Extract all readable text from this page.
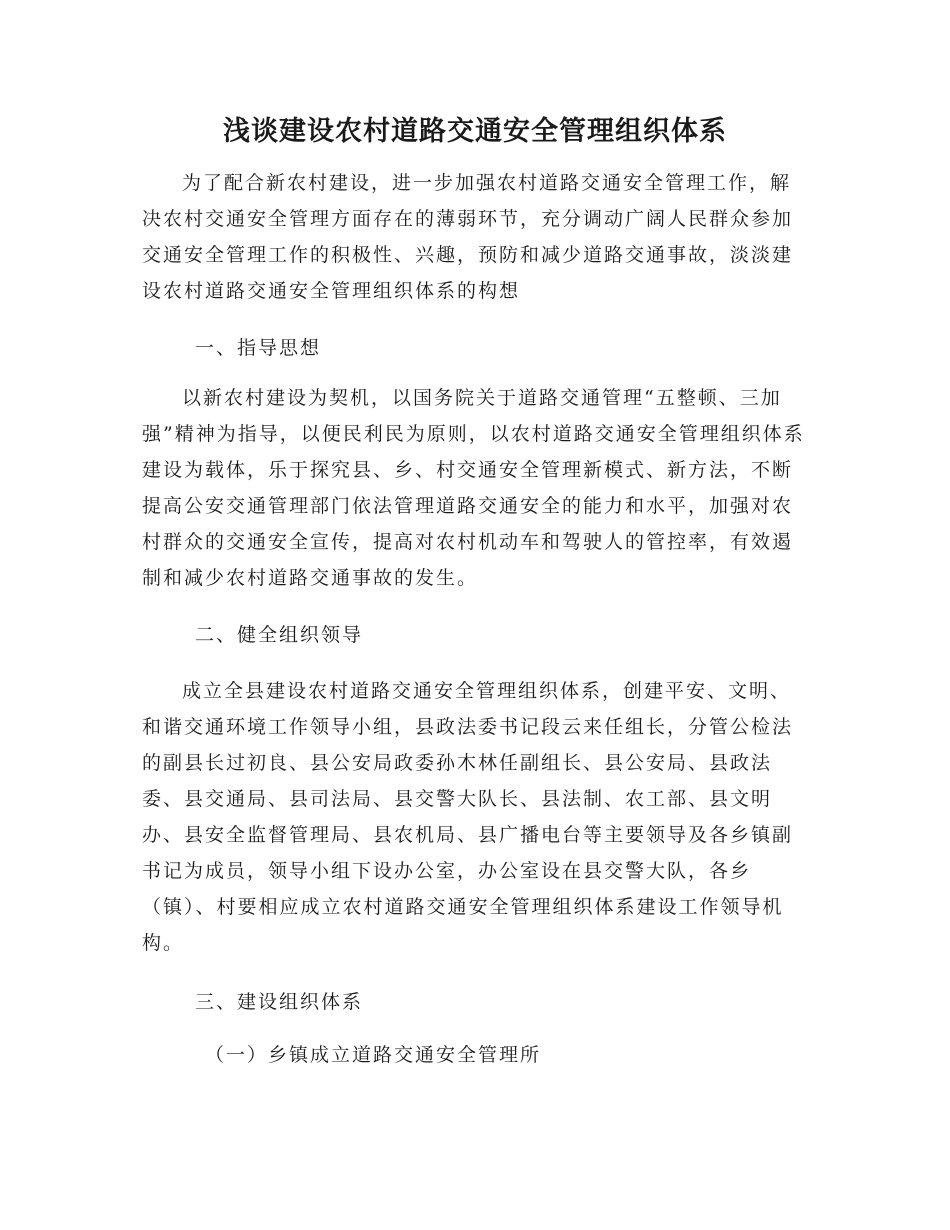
浅谈建设农村道路交通安全管理组织体系
为了配合新农村建设，进一步加强农村道路交通安全管理工作，解决农村交通安全管理方面存在的薄弱环节，充分调动广阔人民群众参加交通安全管理工作的积极性、兴趣，预防和减少道路交通事故，淡淡建设农村道路交通安全管理组织体系的构想
一、指导思想
以新农村建设为契机，以国务院关于道路交通管理“五整顿、三加强”精神为指导，以便民利民为原则，以农村道路交通安全管理组织体系建设为载体，乐于探究县、乡、村交通安全管理新模式、新方法，不断提高公安交通管理部门依法管理道路交通安全的能力和水平，加强对农村群众的交通安全宣传，提高对农村机动车和驾驶人的管控率，有效遏制和减少农村道路交通事故的发生。
二、健全组织领导
成立全县建设农村道路交通安全管理组织体系，创建平安、文明、和谐交通环境工作领导小组，县政法委书记段云来任组长，分管公检法的副县长过初良、县公安局政委孙木林任副组长、县公安局、县政法委、县交通局、县司法局、县交警大队长、县法制、农工部、县文明办、县安全监督管理局、县农机局、县广播电台等主要领导及各乡镇副书记为成员，领导小组下设办公室，办公室设在县交警大队，各乡（镇）、村要相应成立农村道路交通安全管理组织体系建设工作领导机构。
三、建设组织体系
（一）乡镇成立道路交通安全管理所
